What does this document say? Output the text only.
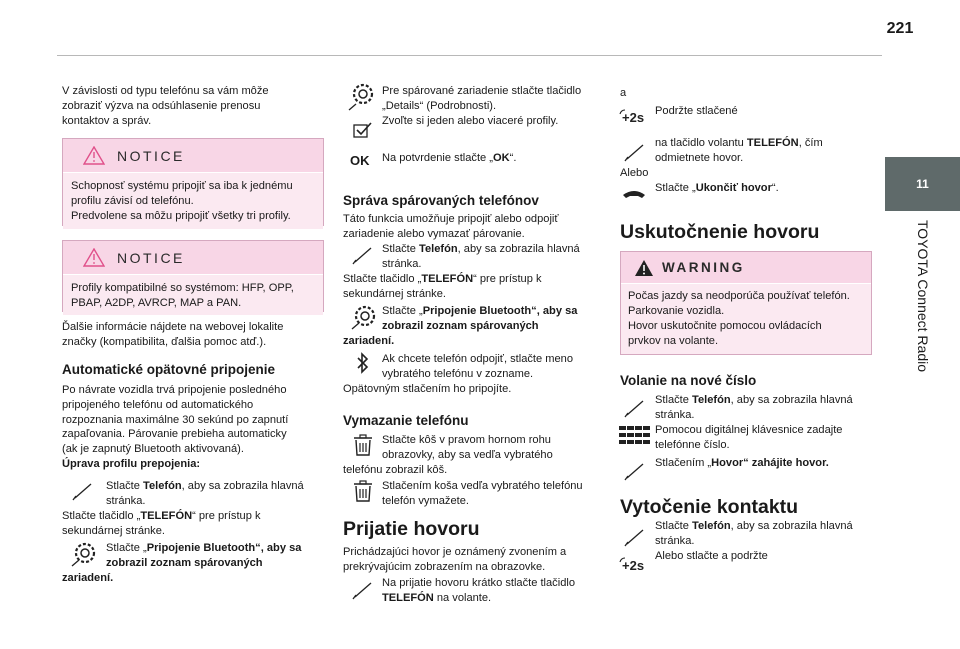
221
11
TOYOTA Connect Radio

V závislosti od typu telefónu sa vám môže

zobraziť výzva na odsúhlasenie prenosu

kontaktov a správ.

NOTICE
Schopnosť systému pripojiť sa iba k jednému
profilu závisí od telefónu.
Predvolene sa môžu pripojiť všetky tri profily.
NOTICE
Profily kompatibilné so systémom: HFP, OPP,
PBAP, A2DP, AVRCP, MAP a PAN.

Ďalšie informácie nájdete na webovej lokalite

značky (kompatibilita, ďalšia pomoc atď.).

Automatické opätovné pripojenie

Po návrate vozidla trvá pripojenie posledného

pripojeného telefónu od automatického

rozpoznania maximálne 30 sekúnd po zapnutí

zapaľovania. Párovanie prebieha automaticky

(ak je zapnutý Bluetooth aktivovaná).

Úprava profilu prepojenia:

Stlačte Telefón, aby sa zobrazila hlavná

stránka.

Stlačte tlačidlo „TELEFÓN“ pre prístup k

sekundárnej stránke.

Stlačte „Pripojenie Bluetooth“, aby sa

zobrazil zoznam spárovaných

zariadení.

Pre spárované zariadenie stlačte tlačidlo

„Details“ (Podrobnosti).

Zvoľte si jeden alebo viaceré profily.

OK Na potvrdenie stlačte „OK“.

Správa spárovaných telefónov

Táto funkcia umožňuje pripojiť alebo odpojiť

zariadenie alebo vymazať párovanie.

Stlačte Telefón, aby sa zobrazila hlavná

stránka.

Stlačte tlačidlo „TELEFÓN“ pre prístup k

sekundárnej stránke.

Stlačte „Pripojenie Bluetooth“, aby sa

zobrazil zoznam spárovaných

zariadení.

Ak chcete telefón odpojiť, stlačte meno

vybratého telefónu v zozname.

Opätovným stlačením ho pripojíte.

Vymazanie telefónu

Stlačte kôš v pravom hornom rohu

obrazovky, aby sa vedľa vybratého

telefónu zobrazil kôš.

Stlačením koša vedľa vybratého telefónu

telefón vymažete.

Prijatie hovoru

Prichádzajúci hovor je oznámený zvonením a

prekrývajúcim zobrazením na obrazovke.

Na prijatie hovoru krátko stlačte tlačidlo

TELEFÓN na volante.

a

+2s Podržte stlačené

na tlačidlo volantu TELEFÓN, čím

odmietnete hovor.

Alebo

Stlačte „Ukončiť hovor“.

Uskutočnenie hovoru
WARNING
Počas jazdy sa neodporúča používať telefón.
Parkovanie vozidla.
Hovor uskutočnite pomocou ovládacích
prvkov na volante.
Volanie na nové číslo

Stlačte Telefón, aby sa zobrazila hlavná

stránka.

Pomocou digitálnej klávesnice zadajte

telefónne číslo.

Stlačením „Hovor“ zahájite hovor.

Vytočenie kontaktu

Stlačte Telefón, aby sa zobrazila hlavná

stránka.

+2s

Alebo stlačte a podržte
